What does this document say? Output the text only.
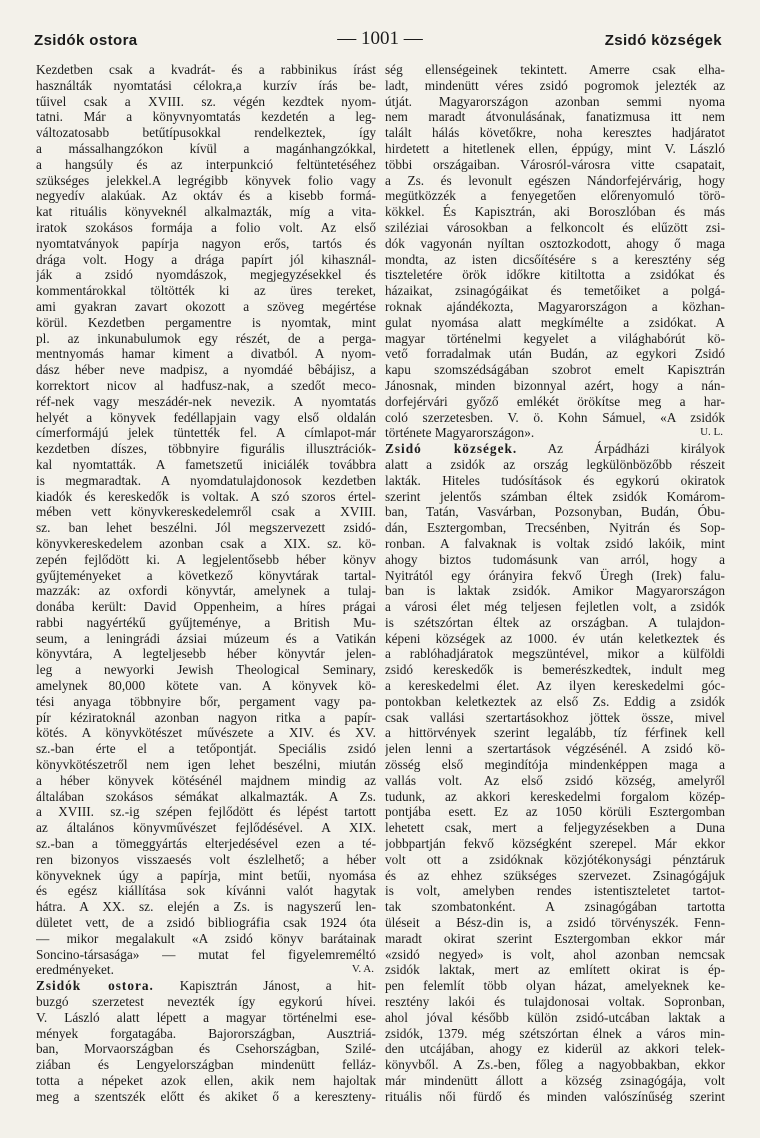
Zsidók ostora	— 1001 —	Zsidó községek
Kezdetben csak a kvadrát- és a rabbinikus írást
használták nyomtatási célokra,a kurzív írás be-
tűivel csak a XVIII. sz. végén kezdtek nyom-
tatni. Már a könyvnyomtatás kezdetén a leg-
változatosabb betűtípusokkal rendelkeztek, így
a mássalhangzókon kívül a magánhangzókkal,
a hangsúly és az interpunkció feltüntetéséhez
szükséges jelekkel.A legrégibb könyvek folio vagy
negyedív alakúak. Az oktáv és a kisebb formá-
kat rituális könyveknél alkalmazták, míg a vita-
iratok szokásos formája a folio volt. Az első
nyomtatványok papírja nagyon erős, tartós és
drága volt. Hogy a drága papírt jól kihasznál-
ják a zsidó nyomdászok, megjegyzésekkel és
kommentárokkal töltötték ki az üres tereket,
ami gyakran zavart okozott a szöveg megértése
körül. Kezdetben pergamentre is nyomtak, mint
pl. az inkunabulumok egy részét, de a perga-
mentnyomás hamar kiment a divatból. A nyom-
dász héber neve madpisz, a nyomdáé bêbájisz, a
korrektort nicov al hadfusz-nak, a szedőt meco-
réf-nek vagy meszádér-nek nevezik. A nyomtatás
helyét a könyvek fedéllapjain vagy első oldalán
címerformájú jelek tüntették fel. A címlapot-már
kezdetben díszes, többnyire figurális illusztrációk-
kal nyomtatták. A fametszetű iniciálék továbbra
is megmaradtak. A nyomdatulajdonosok kezdetben
kiadók és kereskedők is voltak. A szó szoros értel-
mében vett könyvkereskedelemről csak a XVIII.
sz. ban lehet beszélni. Jól megszervezett zsidó-
könyvkereskedelem azonban csak a XIX. sz. kö-
zepén fejlődött ki. A legjelentősebb héber könyv
gyűjteményeket a következő könyvtárak tartal-
mazzák: az oxfordi könyvtár, amelynek a tulaj-
donába került: David Oppenheim, a híres prágai
rabbi nagyértékű gyűjteménye, a British Mu-
seum, a leningrádi ázsiai múzeum és a Vatikán
könyvtára, A legteljesebb héber könyvtár jelen-
leg a newyorki Jewish Theological Seminary,
amelynek 80,000 kötete van. A könyvek kö-
tési anyaga többnyire bőr, pergament vagy pa-
pír kéziratoknál azonban nagyon ritka a papír-
kötés. A könyvkötészet művészete a XIV. és XV.
sz.-ban érte el a tetőpontját. Speciális zsidó
könyvkötészetről nem igen lehet beszélni, miután
a héber könyvek kötésénél majdnem mindig az
általában szokásos sémákat alkalmazták. A Zs.
a XVIII. sz.-ig szépen fejlődött és lépést tartott
az általános könyvművészet fejlődésével. A XIX.
sz.-ban a tömeggyártás elterjedésével ezen a té-
ren bizonyos visszaesés volt észlelhető; a héber
könyveknek úgy a papírja, mint betűi, nyomása
és egész kiállítása sok kívánni valót hagytak
hátra. A XX. sz. elején a Zs. is nagyszerű len-
dületet vett, de a zsidó bibliográfia csak 1924 óta
— mikor megalakult «A zsidó könyv barátainak
Soncino-társasága» — mutat fel figyelemreméltó
eredményeket.	V. A.
Zsidók ostora. Kapisztrán Jánost, a hit-
buzgó szerzetest nevezték így egykorú hívei.
V. László alatt lépett a magyar történelmi ese-
mények forgatagába. Bajorországban, Ausztriá-
ban, Morvaországban és Csehországban, Szilé-
ziában és Lengyelországban mindenütt felláz-
totta a népeket azok ellen, akik nem hajoltak
meg a szentszék előtt és akiket ő a kereszteny-
ség ellenségeinek tekintett. Amerre csak elha-
ladt, mindenütt véres zsidó pogromok jelezték az
útját. Magyarországon azonban semmi nyoma
nem maradt átvonulásának, fanatizmusa itt nem
talált hálás követőkre, noha keresztes hadjáratot
hirdetett a hitetlenek ellen, éppúgy, mint V. László
többi országaiban. Városról-városra vitte csapatait,
a Zs. és levonult egészen Nándorfejérvárig, hogy
megütközzék a fenyegetően előrenyomuló törö-
kökkel. És Kapisztrán, aki Boroszlóban és más
sziléziai városokban a felkoncolt és elűzött zsi-
dók vagyonán nyíltan osztozkodott, ahogy ő maga
mondta, az isten dicsőítésére s a keresztény ség
tiszteletére örök időkre kitiltotta a zsidókat és
házaikat, zsinagógáikat és temetőiket a polgá-
roknak ajándékozta, Magyarországon a közhan-
gulat nyomása alatt megkímélte a zsidókat. A
magyar történelmi kegyelet a világhabórút kö-
vető forradalmak után Budán, az egykori Zsidó
kapu szomszédságában szobrot emelt Kapisztrán
Jánosnak, minden bizonnyal azért, hogy a nán-
dorfejérvári győző emlékét örökítse meg a har-
coló szerzetesben. V. ö. Kohn Sámuel, «A zsidók
története Magyarországon».	U. L.
Zsidó községek. Az Árpádházi királyok
alatt a zsidók az ország legkülönbözőbb részeit
lakták. Hiteles tudósítások és egykorú okiratok
szerint jelentős számban éltek zsidók Komárom-
ban, Tatán, Vasvárban, Pozsonyban, Budán, Óbu-
dán, Esztergomban, Trecsénben, Nyitrán és Sop-
ronban. A falvaknak is voltak zsidó lakóik, mint
ahogy biztos tudomásunk van arról, hogy a
Nyitrától egy órányira fekvő Üregh (Irek) falu-
ban is laktak zsidók. Amikor Magyarországon
a városi élet még teljesen fejletlen volt, a zsidók
is szétszórtan éltek az országban. A tulajdon-
képeni községek az 1000. év után keletkeztek és
a rablóhadjáratok megszüntével, mikor a külföldi
zsidó kereskedők is bemerészkedtek, indult meg
a kereskedelmi élet. Az ilyen kereskedelmi góc-
pontokban keletkeztek az első Zs. Eddig a zsidók
csak vallási szertartásokhoz jöttek össze, mivel
a hittörvények szerint legalább, tíz férfinek kell
jelen lenni a szertartások végzésénél. A zsidó kö-
zösség első megindítója mindenképpen maga a
vallás volt. Az első zsidó község, amelyről
tudunk, az akkori kereskedelmi forgalom közép-
pontjába esett. Ez az 1050 körüli Esztergomban
lehetett csak, mert a feljegyzésekben a Duna
jobbpartján fekvő községként szerepel. Már ekkor
volt ott a zsidóknak közjótékonysági pénztáruk
és az ehhez szükséges szervezet. Zsinagógájuk
is volt, amelyben rendes istentiszteletet tartot-
tak szombatonként. A zsinagógában tartotta
üléseit a Bész-din is, a zsidó törvényszék. Fenn-
maradt okirat szerint Esztergomban ekkor már
«zsidó negyed» is volt, ahol azonban nemcsak
zsidók laktak, mert az említett okirat is ép-
pen felemlít több olyan házat, amelyeknek ke-
resztény lakói és tulajdonosai voltak. Sopronban,
ahol jóval később külön zsidó-utcában laktak a
zsidók, 1379. még szétszórtan élnek a város min-
den utcájában, ahogy ez kiderül az akkori telek-
könyvből. A Zs.-ben, főleg a nagyobbakban, ekkor
már mindenütt állott a község zsinagógája, volt
rituális női fürdő és minden valószínűség szerint
